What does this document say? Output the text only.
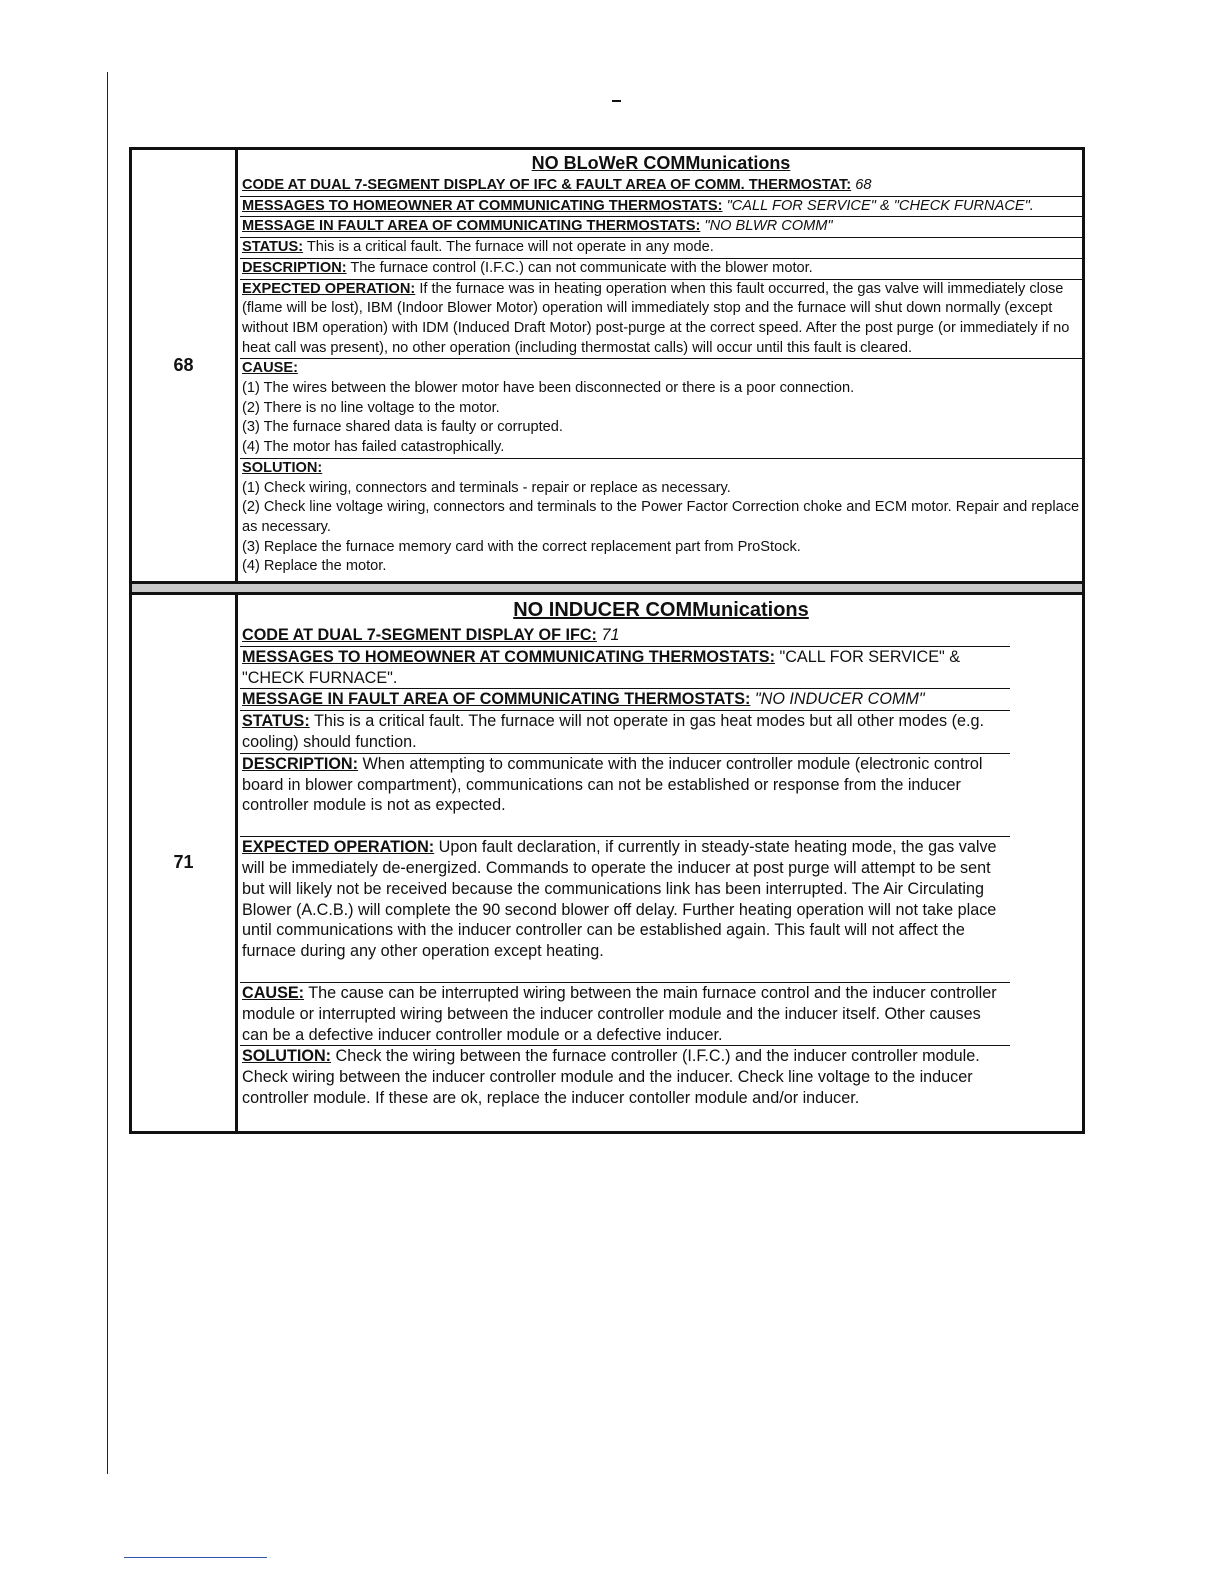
68
NO BLoWeR COMMunications
CODE AT DUAL 7-SEGMENT DISPLAY OF IFC & FAULT AREA OF COMM. THERMOSTAT: 68
MESSAGES TO HOMEOWNER AT COMMUNICATING THERMOSTATS: "CALL FOR SERVICE" & "CHECK FURNACE".
MESSAGE IN FAULT AREA OF COMMUNICATING THERMOSTATS: "NO BLWR COMM"
STATUS: This is a critical fault. The furnace will not operate in any mode.
DESCRIPTION: The furnace control (I.F.C.) can not communicate with the blower motor.
EXPECTED OPERATION: If the furnace was in heating operation when this fault occurred, the gas valve will immediately close (flame will be lost), IBM (Indoor Blower Motor) operation will immediately stop and the furnace will shut down normally (except without IBM operation) with IDM (Induced Draft Motor) post-purge at the correct speed. After the post purge (or immediately if no heat call was present), no other operation (including thermostat calls) will occur until this fault is cleared.
CAUSE:
(1) The wires between the blower motor have been disconnected or there is a poor connection.
(2) There is no line voltage to the motor.
(3) The furnace shared data is faulty or corrupted.
(4) The motor has failed catastrophically.
SOLUTION:
(1) Check wiring, connectors and terminals - repair or replace as necessary.
(2) Check line voltage wiring, connectors and terminals to the Power Factor Correction choke and ECM motor. Repair and replace as necessary.
(3) Replace the furnace memory card with the correct replacement part from ProStock.
(4) Replace the motor.
71
NO INDUCER COMMunications
CODE AT DUAL 7-SEGMENT DISPLAY OF IFC: 71
MESSAGES TO HOMEOWNER AT COMMUNICATING THERMOSTATS: "CALL FOR SERVICE" & "CHECK FURNACE".
MESSAGE IN FAULT AREA OF COMMUNICATING THERMOSTATS: "NO INDUCER COMM"
STATUS: This is a critical fault. The furnace will not operate in gas heat modes but all other modes (e.g. cooling) should function.
DESCRIPTION: When attempting to communicate with the inducer controller module (electronic control board in blower compartment), communications can not be established or response from the inducer controller module is not as expected.
EXPECTED OPERATION: Upon fault declaration, if currently in steady-state heating mode, the gas valve will be immediately de-energized. Commands to operate the inducer at post purge will attempt to be sent but will likely not be received because the communications link has been interrupted. The Air Circulating Blower (A.C.B.) will complete the 90 second blower off delay. Further heating operation will not take place until communications with the inducer controller can be established again. This fault will not affect the furnace during any other operation except heating.
CAUSE: The cause can be interrupted wiring between the main furnace control and the inducer controller module or interrupted wiring between the inducer controller module and the inducer itself. Other causes can be a defective inducer controller module or a defective inducer.
SOLUTION: Check the wiring between the furnace controller (I.F.C.) and the inducer controller module. Check wiring between the inducer controller module and the inducer. Check line voltage to the inducer controller module. If these are ok, replace the inducer contoller module and/or inducer.
